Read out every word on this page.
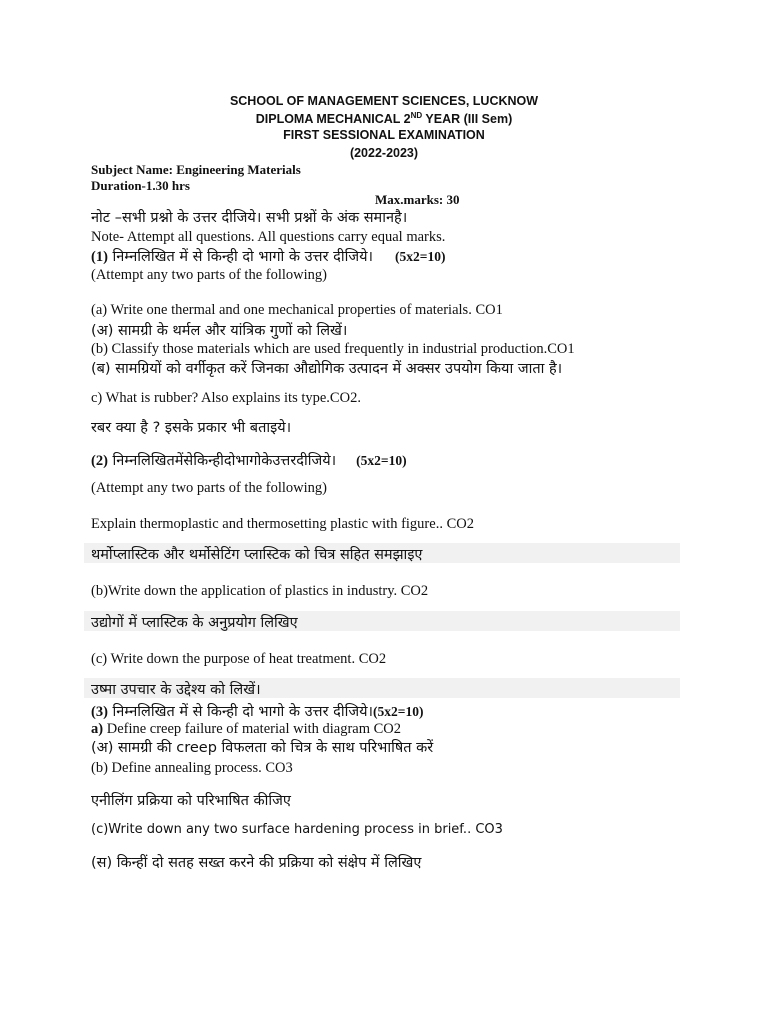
SCHOOL OF MANAGEMENT SCIENCES, LUCKNOW
DIPLOMA MECHANICAL 2ND YEAR (III Sem)
FIRST SESSIONAL EXAMINATION
(2022-2023)
Subject Name: Engineering Materials
Duration-1.30 hrs
Max.marks: 30
नोट –सभी प्रश्नो के उत्तर दीजिये। सभी प्रश्नों के अंक समानहै।
Note- Attempt all questions. All questions carry equal marks.
(1) निम्नलिखित में से किन्ही दो भागो के उत्तर दीजिये। (5x2=10)
(Attempt any two parts of the following)
(a) Write one thermal and one mechanical properties of materials. CO1
(अ) सामग्री के थर्मल और यांत्रिक गुणों को लिखें।
(b) Classify those materials which are used frequently in industrial production.CO1
(ब) सामग्रियों को वर्गीकृत करें जिनका औद्योगिक उत्पादन में अक्सर उपयोग किया जाता है।
c) What is rubber? Also explains its type.CO2.
रबर क्या है ? इसके प्रकार भी बताइये।
(2) निम्नलिखितमेंसेकिन्हीदोभागोकेउत्तरदीजिये। (5x2=10)
(Attempt any two parts of the following)
Explain thermoplastic and thermosetting plastic with figure.. CO2
थर्मोप्लास्टिक और थर्मोसेटिंग प्लास्टिक को चित्र सहित समझाइए
(b)Write down the application of plastics in industry. CO2
उद्योगों में प्लास्टिक के अनुप्रयोग लिखिए
(c) Write down the purpose of heat treatment. CO2
उष्मा उपचार के उद्देश्य को लिखें।
(3) निम्नलिखित में से किन्ही दो भागो के उत्तर दीजिये।(5x2=10)
a) Define creep failure of material with diagram CO2
(अ) सामग्री की creep विफलता को चित्र के साथ परिभाषित करें
(b) Define annealing process. CO3
एनीलिंग प्रक्रिया को परिभाषित कीजिए
(c)Write down any two surface hardening process in brief.. CO3
(स) किन्हीं दो सतह सख्त करने की प्रक्रिया को संक्षेप में लिखिए
